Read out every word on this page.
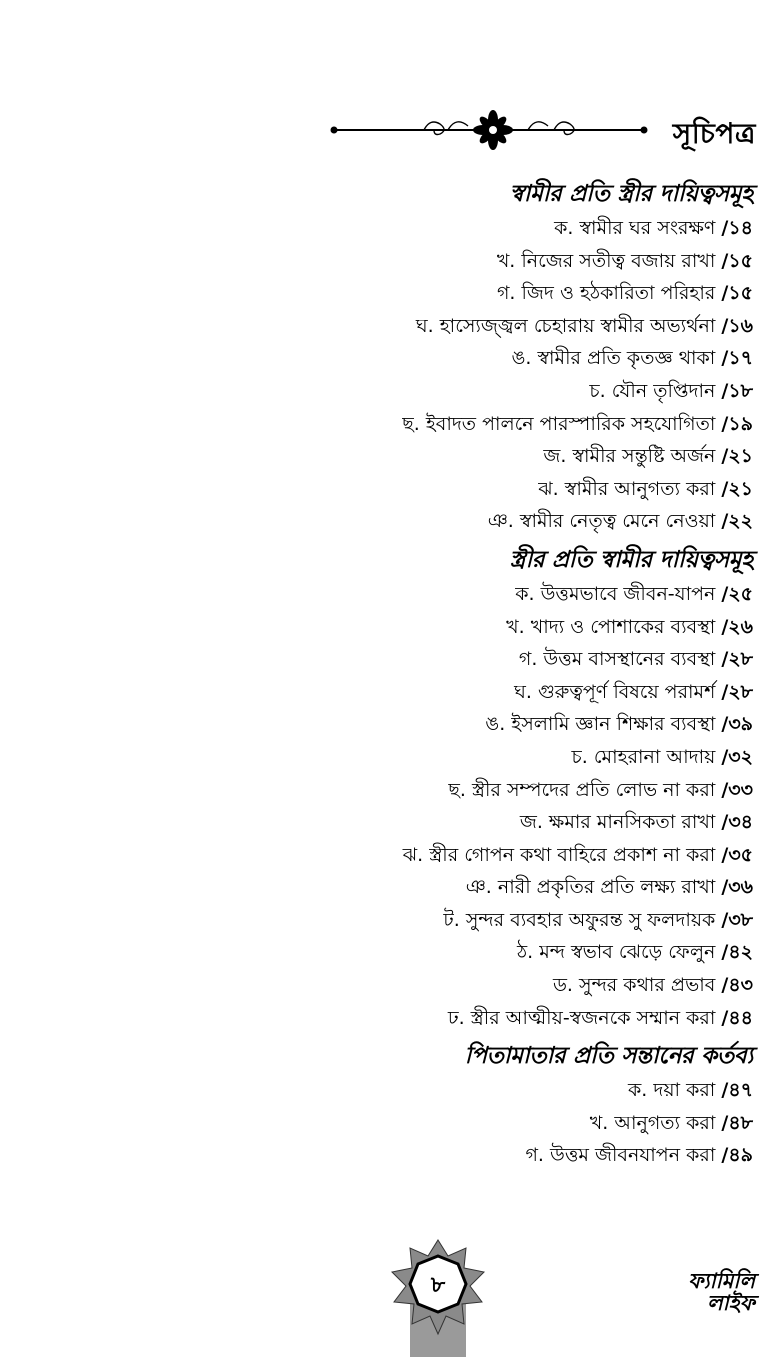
সূচিপত্র
স্বামীর প্রতি স্ত্রীর দায়িত্বসমূহ
ক. স্বামীর ঘর সংরক্ষণ /১৪
খ. নিজের সতীত্ব বজায় রাখা /১৫
গ. জিদ ও হঠকারিতা পরিহার /১৫
ঘ. হাস্যেজ্জ্বল চেহারায় স্বামীর অভ্যর্থনা /১৬
ঙ. স্বামীর প্রতি কৃতজ্ঞ থাকা /১৭
চ. যৌন তৃপ্তিদান /১৮
ছ. ইবাদত পালনে পারস্পারিক সহযোগিতা /১৯
জ. স্বামীর সন্তুষ্টি অর্জন /২১
ঝ. স্বামীর আনুগত্য করা /২১
ঞ. স্বামীর নেতৃত্ব মেনে নেওয়া /২২
স্ত্রীর প্রতি স্বামীর দায়িত্বসমূহ
ক. উত্তমভাবে জীবন-যাপন /২৫
খ. খাদ্য ও পোশাকের ব্যবস্থা /২৬
গ. উত্তম বাসস্থানের ব্যবস্থা /২৮
ঘ. গুরুত্বপূর্ণ বিষয়ে পরামর্শ /২৮
ঙ. ইসলামি জ্ঞান শিক্ষার ব্যবস্থা /৩৯
চ. মোহরানা আদায় /৩২
ছ. স্ত্রীর সম্পদের প্রতি লোভ না করা /৩৩
জ. ক্ষমার মানসিকতা রাখা /৩৪
ঝ. স্ত্রীর গোপন কথা বাহিরে প্রকাশ না করা /৩৫
ঞ. নারী প্রকৃতির প্রতি লক্ষ্য রাখা /৩৬
ট. সুন্দর ব্যবহার অফুরন্ত সু ফলদায়ক /৩৮
ঠ. মন্দ স্বভাব ঝেড়ে ফেলুন /৪২
ড. সুন্দর কথার প্রভাব /৪৩
ঢ. স্ত্রীর আত্মীয়-স্বজনকে সম্মান করা /৪৪
পিতামাতার প্রতি সন্তানের কর্তব্য
ক. দয়া করা /৪৭
খ. আনুগত্য করা /৪৮
গ. উত্তম জীবনযাপন করা /৪৯
৮	ফ্যামিলি
লাইফ
